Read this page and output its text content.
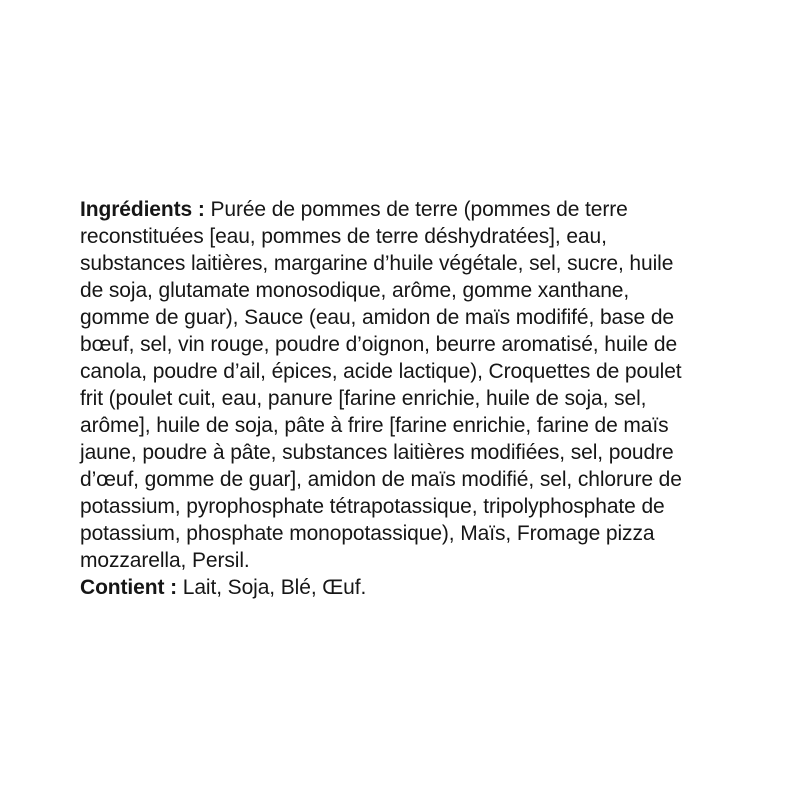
Ingrédients : Purée de pommes de terre (pommes de terre
reconstituées [eau, pommes de terre déshydratées], eau,
substances laitières, margarine d’huile végétale, sel, sucre, huile
de soja, glutamate monosodique, arôme, gomme xanthane,
gomme de guar), Sauce (eau, amidon de maïs modififé, base de
bœuf, sel, vin rouge, poudre d’oignon, beurre aromatisé, huile de
canola, poudre d’ail, épices, acide lactique), Croquettes de poulet
frit (poulet cuit, eau, panure [farine enrichie, huile de soja, sel,
arôme], huile de soja, pâte à frire [farine enrichie, farine de maïs
jaune, poudre à pâte, substances laitières modifiées, sel, poudre
d’œuf, gomme de guar], amidon de maïs modifié, sel, chlorure de
potassium, pyrophosphate tétrapotassique, tripolyphosphate de
potassium, phosphate monopotassique), Maïs, Fromage pizza
mozzarella, Persil.
Contient : Lait, Soja, Blé, Œuf.
